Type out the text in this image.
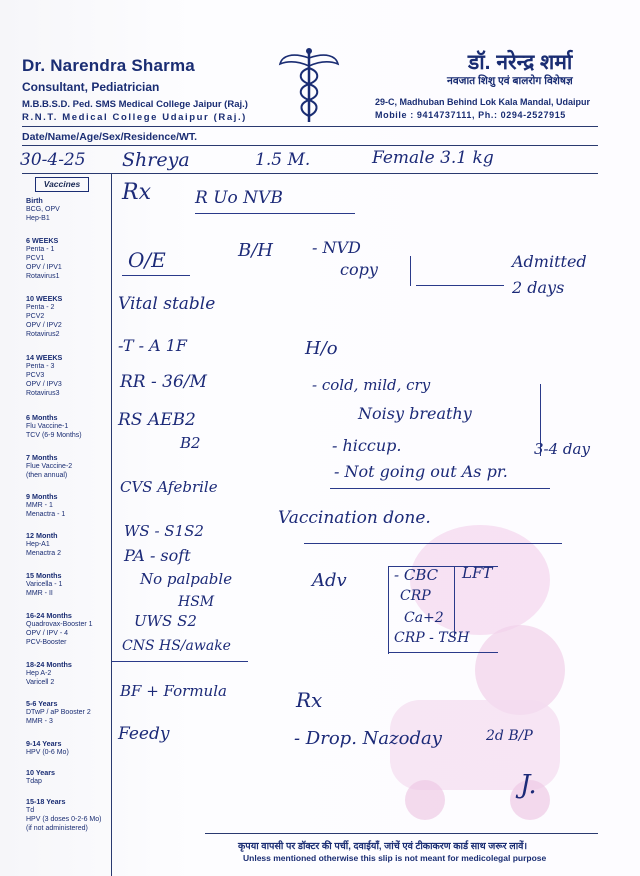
Dr. Narendra Sharma
Consultant, Pediatrician
M.B.B.S.D. Ped. SMS Medical College Jaipur (Raj.)
R.N.T. Medical College Udaipur (Raj.)
डॉ. नरेन्द्र शर्मा
नवजात शिशु एवं बालरोग विशेषज्ञ
29-C, Madhuban Behind Lok Kala Mandal, Udaipur
Mobile : 9414737111, Ph.: 0294-2527915
Date/Name/Age/Sex/Residence/WT.
Vaccines
Birth
BCG, OPV
Hep-B1
6 WEEKS
Penta - 1
PCV1
OPV / IPV1
Rotavirus1
10 WEEKS
Penta - 2
PCV2
OPV / IPV2
Rotavirus2
14 WEEKS
Penta - 3
PCV3
OPV / IPV3
Rotavirus3
6 Months
Flu Vaccine-1
TCV (6-9 Months)
7 Months
Flue Vaccine-2
(then annual)
9 Months
MMR - 1
Menactra - 1
12 Month
Hep-A1
Menactra 2
15 Months
Varicella - 1
MMR - II
16-24 Months
Quadrovax-Booster 1
OPV / IPV - 4
PCV-Booster
18-24 Months
Hep A-2
Varicell 2
5-6 Years
DTwP / aP Booster 2
MMR - 3
9-14 Years
HPV (0-6 Mo)
10 Years
Tdap
15-18 Years
Td
HPV (3 doses 0-2-6 Mo)
(if not administered)
30-4-25 Shreya	1.5 M.	Female 3.1 kg
Rx	R Uo NVB
O/E	B/H - NVD
copy	Admitted
2 days
Vital stable
-T - A 1F	H/o
RR - 36/M	- cold, mild, cry
RS AEB2	Noisy breathy
B2	- hiccup.	3-4 day
CVS Afebrile
- Not going out As pr.
WS - S1S2
Vaccination done.
PA - soft
No palpable
HSM
Adv	- CBC LFT
CRP
Ca+2
CRP - TSH
UWS S2
CNS HS/awake
BF + Formula	Rx
Feedy	- Drop. Nazoday	2d B/P
J.
कृपया वापसी पर डॉक्टर की पर्ची, दवाईयाँ, जांचें एवं टीकाकरण कार्ड साथ जरूर लावें।
Unless mentioned otherwise this slip is not meant for medicolegal purpose
